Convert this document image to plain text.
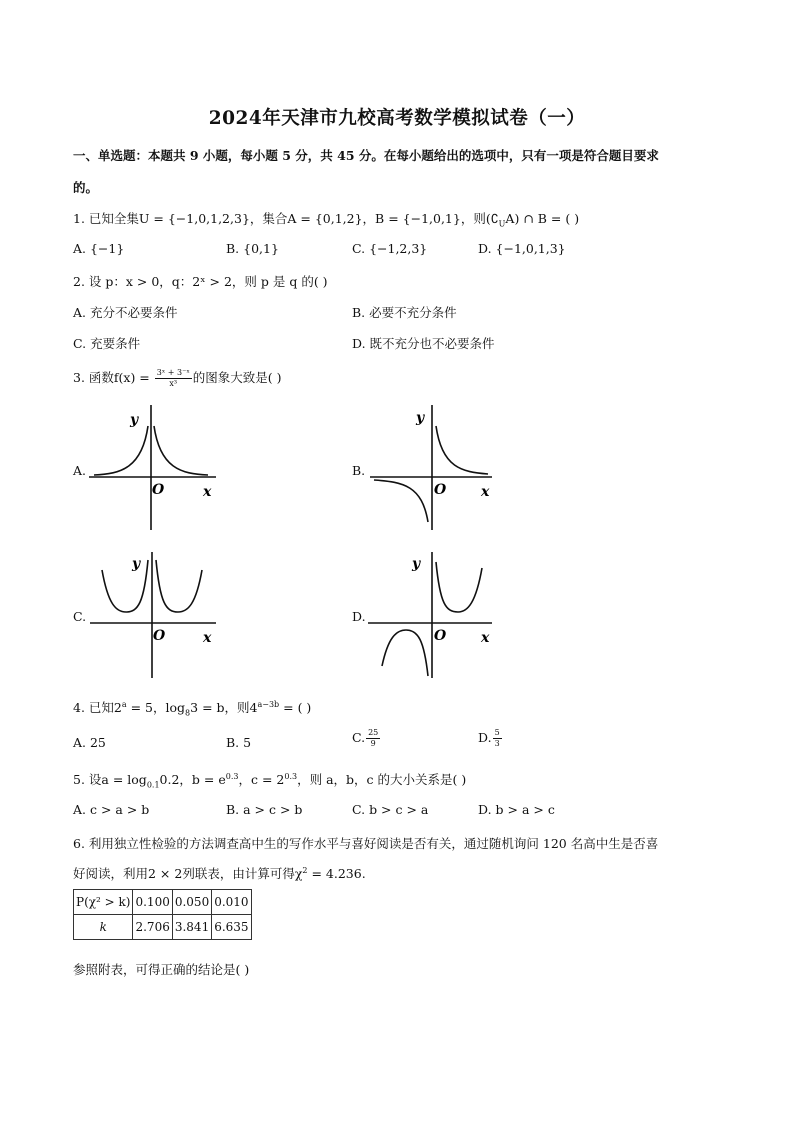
2024年天津市九校高考数学模拟试卷（一）
一、单选题：本题共 9 小题，每小题 5 分，共 45 分。在每小题给出的选项中，只有一项是符合题目要求
的。
1. 已知全集U = {−1,0,1,2,3}，集合A = {0,1,2}，B = {−1,0,1}，则$(∁_UA)$ ∩ B = ( )
A. {−1}	B. {0,1}	C. {−1,2,3}	D. {−1,0,1,3}
2. 设 p：x > 0，q：2ˣ > 2，则 p 是 q 的( )
A. 充分不必要条件	B. 必要不充分条件
C. 充要条件	D. 既不充分也不必要条件
3. 函数$f(x) = \frac{\text{3ˣ + 3⁻ˣ}}{\text{x³}}$ 的图象大致是( )
A.
y
O	x
B.
y
O x
C.
y
O	x
D.
y
O x
4. 已知$2^a = 5$，$\log_83 = b$，则$4^{a-3b}$ = ( )
A. 25	B. 5	C. $\frac{25}{9}$	D. $\frac{5}{3}$
5. 设$a = \log_{0.1}0.2$，$b = e^{0.3}$，$c = 2^{0.3}$，则 a，b，c 的大小关系是( )
A. c > a > b	B. a > c > b	C. b > c > a	D. b > a > c
6. 利用独立性检验的方法调查高中生的写作水平与喜好阅读是否有关，通过随机询问 120 名高中生是否喜
好阅读，利用2 × 2列联表，由计算可得$\chi^2 = 4.236$.
P(χ² > k)	0.100	0.050	0.010
k	2.706	3.841	6.635
参照附表，可得正确的结论是( )
